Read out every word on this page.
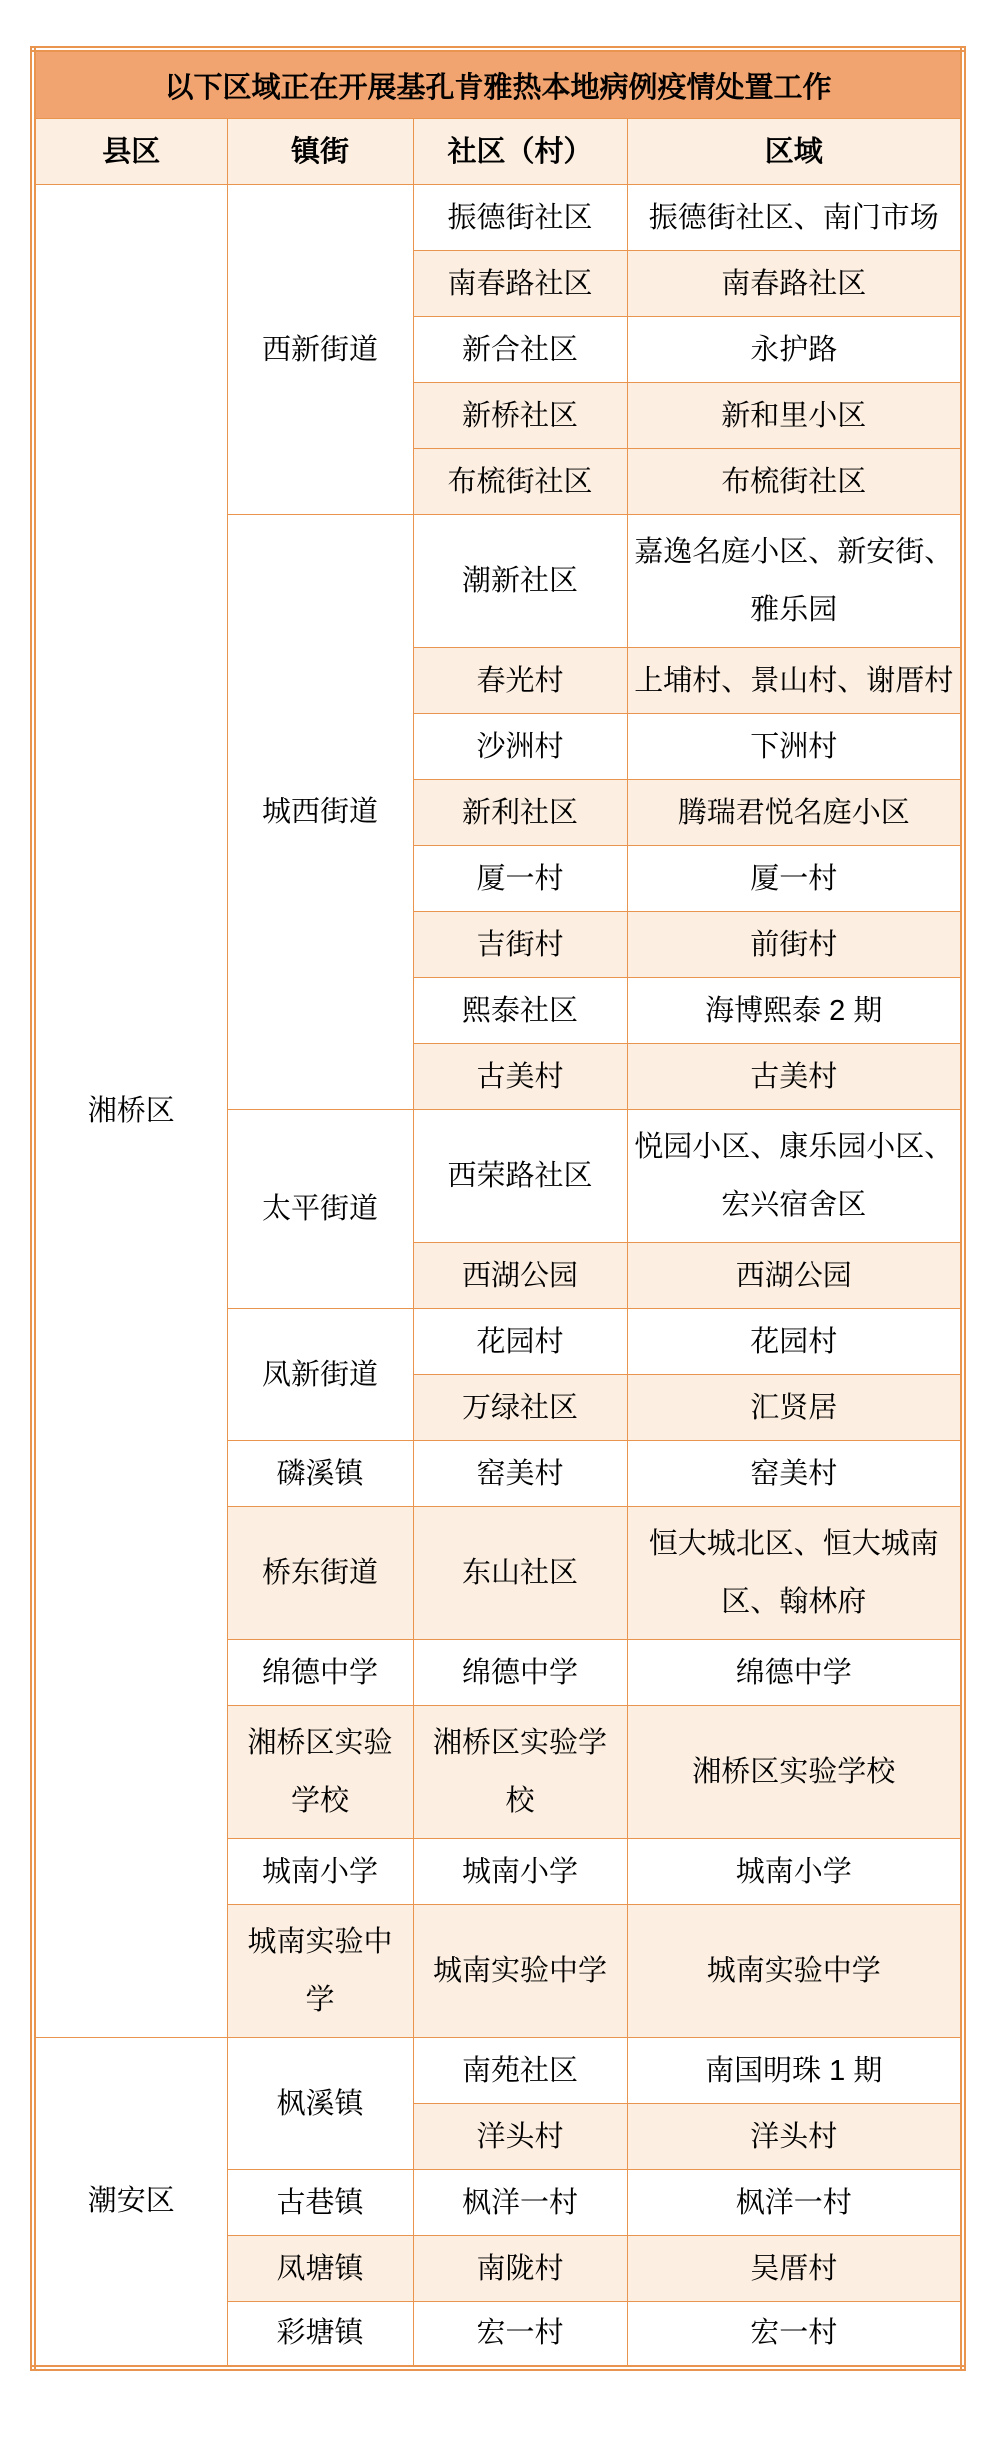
以下区域正在开展基孔肯雅热本地病例疫情处置工作			
县区	镇街	社区（村）	区域
湘桥区	西新街道	振德街社区	振德街社区、南门市场
		南春路社区	南春路社区
		新合社区	永护路
		新桥社区	新和里小区
		布梳街社区	布梳街社区
	城西街道	潮新社区	嘉逸名庭小区、新安街、雅乐园
		春光村	上埔村、景山村、谢厝村
		沙洲村	下洲村
		新利社区	腾瑞君悦名庭小区
		厦一村	厦一村
		吉街村	前街村
		熙泰社区	海博熙泰 2 期
		古美村	古美村
	太平街道	西荣路社区	悦园小区、康乐园小区、宏兴宿舍区
		西湖公园	西湖公园
	凤新街道	花园村	花园村
		万绿社区	汇贤居
	磷溪镇	窑美村	窑美村
	桥东街道	东山社区	恒大城北区、恒大城南区、翰林府
	绵德中学	绵德中学	绵德中学
	湘桥区实验学校	湘桥区实验学校	湘桥区实验学校
	城南小学	城南小学	城南小学
	城南实验中学	城南实验中学	城南实验中学
潮安区	枫溪镇	南苑社区	南国明珠 1 期
		洋头村	洋头村
	古巷镇	枫洋一村	枫洋一村
	凤塘镇	南陇村	吴厝村
	彩塘镇	宏一村	宏一村
